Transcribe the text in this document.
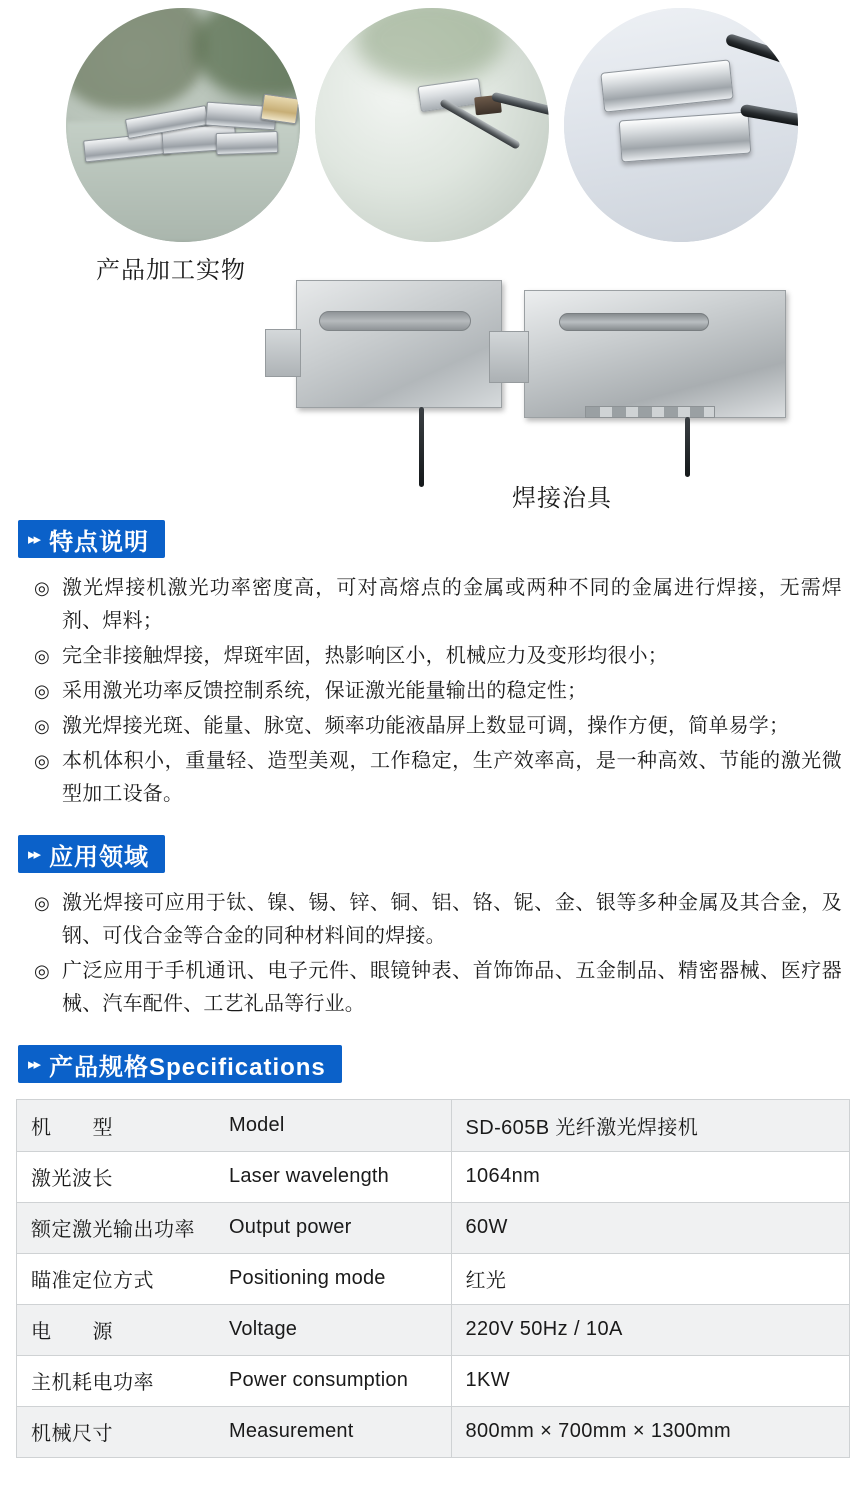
产品加工实物
焊接治具
▸▸ 特点说明
◎ 激光焊接机激光功率密度高，可对高熔点的金属或两种不同的金属进行焊接，无需焊剂、焊料；
◎ 完全非接触焊接，焊斑牢固，热影响区小，机械应力及变形均很小；
◎ 采用激光功率反馈控制系统，保证激光能量输出的稳定性；
◎ 激光焊接光斑、能量、脉宽、频率功能液晶屏上数显可调，操作方便，简单易学；
◎ 本机体积小，重量轻、造型美观，工作稳定，生产效率高，是一种高效、节能的激光微型加工设备。
▸▸ 应用领域
◎ 激光焊接可应用于钛、镍、锡、锌、铜、铝、铬、铌、金、银等多种金属及其合金，及钢、可伐合金等合金的同种材料间的焊接。
◎ 广泛应用于手机通讯、电子元件、眼镜钟表、首饰饰品、五金制品、精密器械、医疗器械、汽车配件、工艺礼品等行业。
▸▸ 产品规格Specifications
机　　型	Model	SD-605B 光纤激光焊接机
激光波长	Laser wavelength	1064nm
额定激光输出功率	Output power	60W
瞄准定位方式	Positioning mode	红光
电　　源	Voltage	220V 50Hz / 10A
主机耗电功率	Power consumption	1KW
机械尺寸	Measurement	800mm × 700mm × 1300mm
